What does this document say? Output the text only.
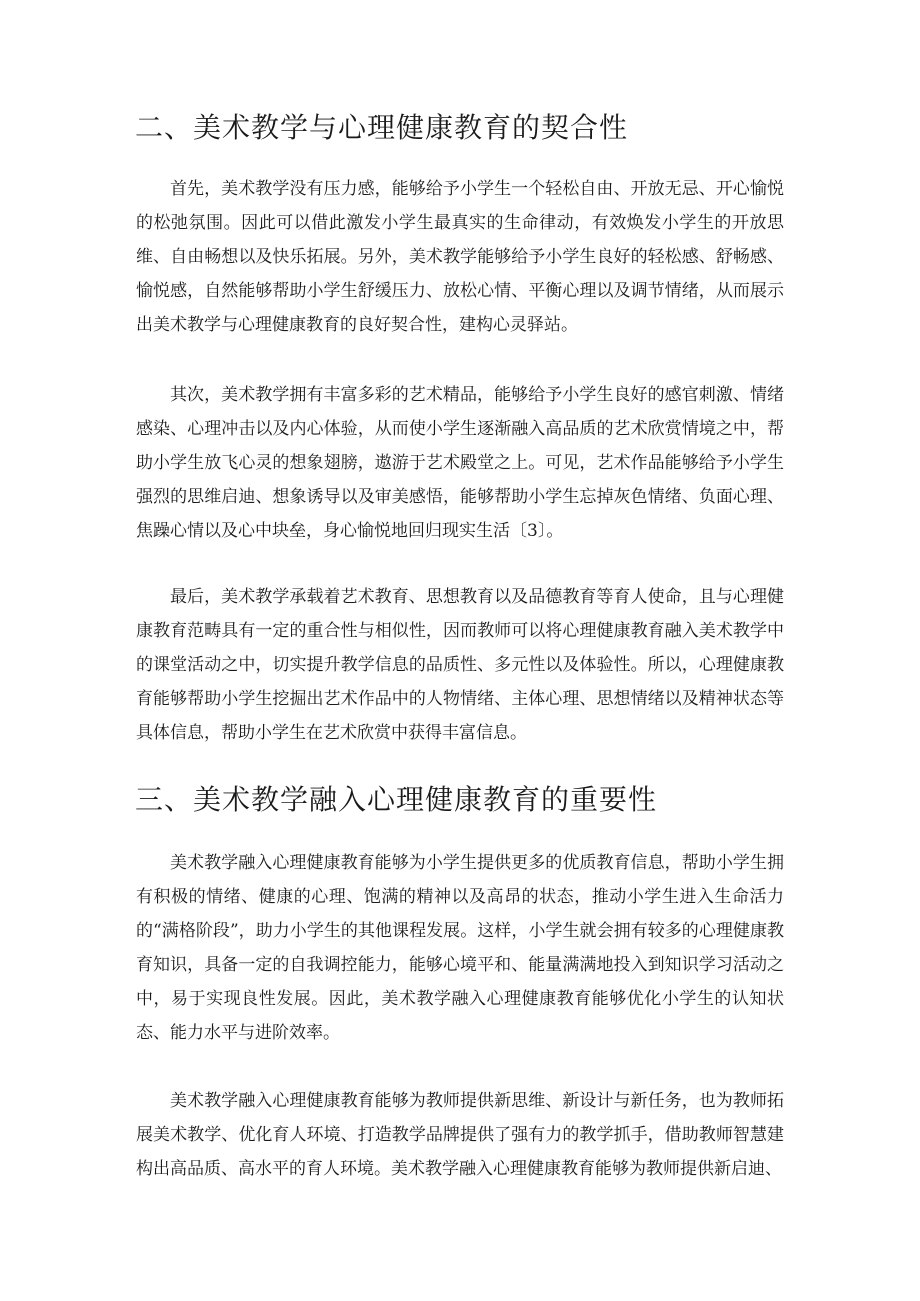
二、美术教学与心理健康教育的契合性

首先，美术教学没有压力感，能够给予小学生一个轻松自由、开放无忌、开心愉悦的松弛氛围。因此可以借此激发小学生最真实的生命律动，有效焕发小学生的开放思维、自由畅想以及快乐拓展。另外，美术教学能够给予小学生良好的轻松感、舒畅感、愉悦感，自然能够帮助小学生舒缓压力、放松心情、平衡心理以及调节情绪，从而展示出美术教学与心理健康教育的良好契合性，建构心灵驿站。

其次，美术教学拥有丰富多彩的艺术精品，能够给予小学生良好的感官刺激、情绪感染、心理冲击以及内心体验，从而使小学生逐渐融入高品质的艺术欣赏情境之中，帮助小学生放飞心灵的想象翅膀，遨游于艺术殿堂之上。可见，艺术作品能够给予小学生强烈的思维启迪、想象诱导以及审美感悟，能够帮助小学生忘掉灰色情绪、负面心理、焦躁心情以及心中块垒，身心愉悦地回归现实生活〔3〕。

最后，美术教学承载着艺术教育、思想教育以及品德教育等育人使命，且与心理健康教育范畴具有一定的重合性与相似性，因而教师可以将心理健康教育融入美术教学中的课堂活动之中，切实提升教学信息的品质性、多元性以及体验性。所以，心理健康教育能够帮助小学生挖掘出艺术作品中的人物情绪、主体心理、思想情绪以及精神状态等具体信息，帮助小学生在艺术欣赏中获得丰富信息。

三、美术教学融入心理健康教育的重要性

美术教学融入心理健康教育能够为小学生提供更多的优质教育信息，帮助小学生拥有积极的情绪、健康的心理、饱满的精神以及高昂的状态，推动小学生进入生命活力的“满格阶段”，助力小学生的其他课程发展。这样，小学生就会拥有较多的心理健康教育知识，具备一定的自我调控能力，能够心境平和、能量满满地投入到知识学习活动之中，易于实现良性发展。因此，美术教学融入心理健康教育能够优化小学生的认知状态、能力水平与进阶效率。

美术教学融入心理健康教育能够为教师提供新思维、新设计与新任务，也为教师拓展美术教学、优化育人环境、打造教学品牌提供了强有力的教学抓手，借助教师智慧建构出高品质、高水平的育人环境。美术教学融入心理健康教育能够为教师提供新启迪、
